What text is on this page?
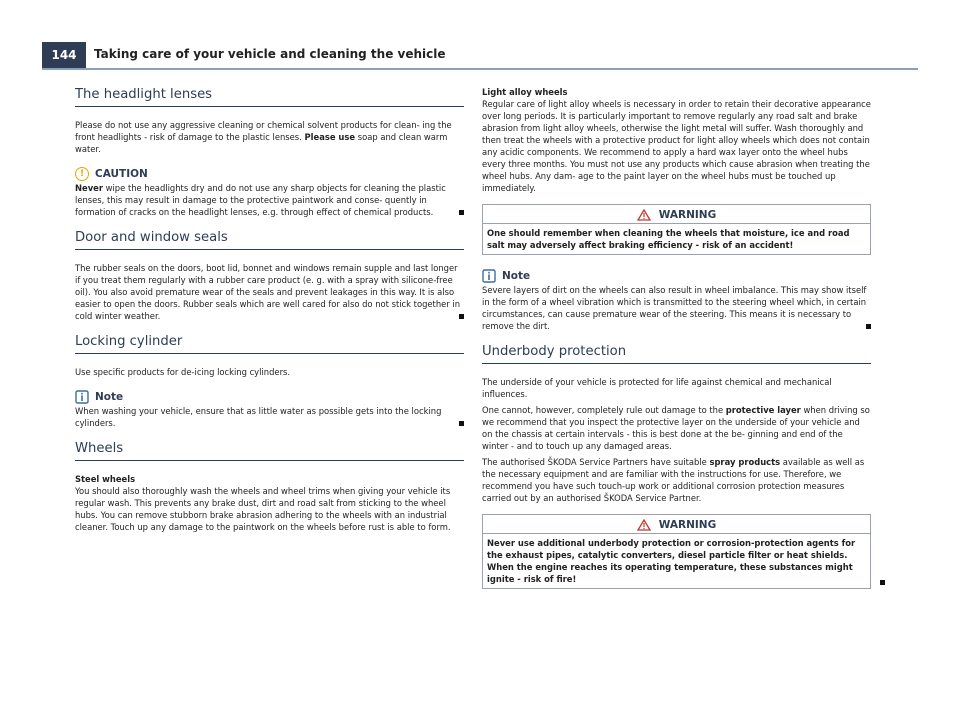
144	Taking care of your vehicle and cleaning the vehicle
The headlight lenses

Please do not use any aggressive cleaning or chemical solvent products for clean- ing the front headlights - risk of damage to the plastic lenses. Please use soap and clean warm water.

!	CAUTION

Never wipe the headlights dry and do not use any sharp objects for cleaning the plastic lenses, this may result in damage to the protective paintwork and conse- quently in formation of cracks on the headlight lenses, e.g. through effect of chemical products.

Door and window seals

The rubber seals on the doors, boot lid, bonnet and windows remain supple and last longer if you treat them regularly with a rubber care product (e. g. with a spray with silicone-free oil). You also avoid premature wear of the seals and prevent leakages in this way. It is also easier to open the doors. Rubber seals which are well cared for also do not stick together in cold winter weather.

Locking cylinder

Use specific products for de-icing locking cylinders.

Note

When washing your vehicle, ensure that as little water as possible gets into the locking cylinders.

Wheels

Steel wheels

You should also thoroughly wash the wheels and wheel trims when giving your vehicle its regular wash. This prevents any brake dust, dirt and road salt from sticking to the wheel hubs. You can remove stubborn brake abrasion adhering to the wheels with an industrial cleaner. Touch up any damage to the paintwork on the wheels before rust is able to form.

Light alloy wheels

Regular care of light alloy wheels is necessary in order to retain their decorative appearance over long periods. It is particularly important to remove regularly any road salt and brake abrasion from light alloy wheels, otherwise the light metal will suffer. Wash thoroughly and then treat the wheels with a protective product for light alloy wheels which does not contain any acidic components. We recommend to apply a hard wax layer onto the wheel hubs every three months. You must not use any products which cause abrasion when treating the wheel hubs. Any dam- age to the paint layer on the wheel hubs must be touched up immediately.

WARNING
One should remember when cleaning the wheels that moisture, ice and road salt may adversely affect braking efficiency - risk of an accident!
Note

Severe layers of dirt on the wheels can also result in wheel imbalance. This may show itself in the form of a wheel vibration which is transmitted to the steering wheel which, in certain circumstances, can cause premature wear of the steering. This means it is necessary to remove the dirt.

Underbody protection

The underside of your vehicle is protected for life against chemical and mechanical influences.

One cannot, however, completely rule out damage to the protective layer when driving so we recommend that you inspect the protective layer on the underside of your vehicle and on the chassis at certain intervals - this is best done at the be- ginning and end of the winter - and to touch up any damaged areas.

The authorised ŠKODA Service Partners have suitable spray products available as well as the necessary equipment and are familiar with the instructions for use. Therefore, we recommend you have such touch-up work or additional corrosion protection measures carried out by an authorised ŠKODA Service Partner.

WARNING
Never use additional underbody protection or corrosion-protection agents for the exhaust pipes, catalytic converters, diesel particle filter or heat shields. When the engine reaches its operating temperature, these substances might ignite - risk of fire!
